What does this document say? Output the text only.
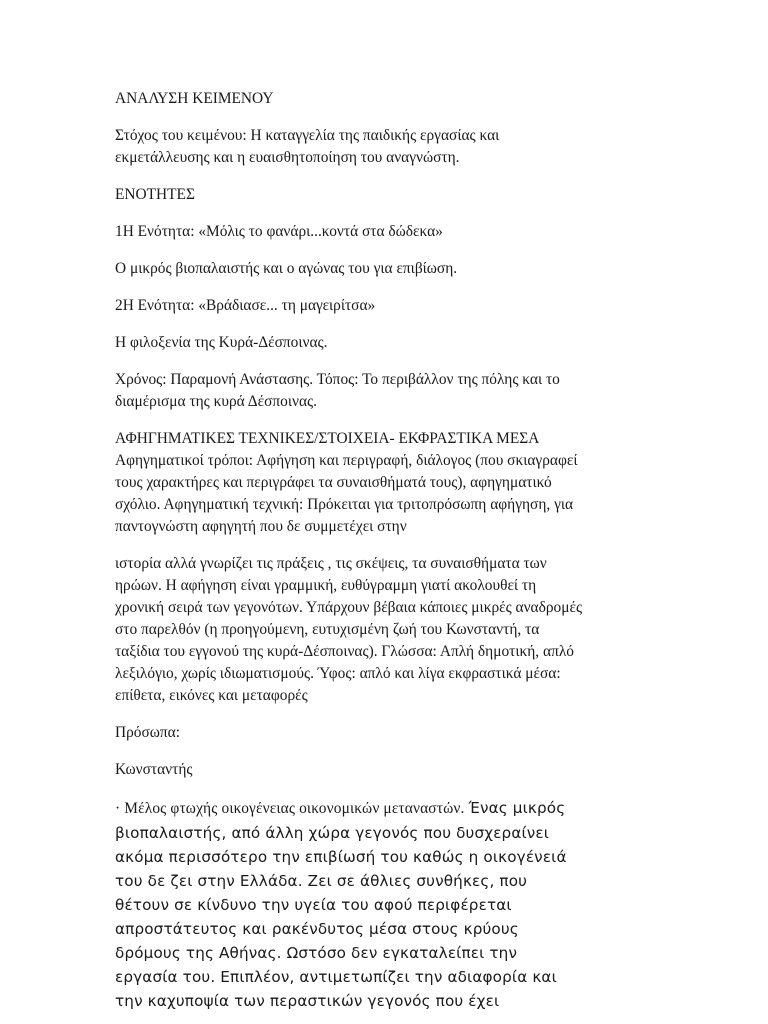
ΑΝΑΛΥΣΗ ΚΕΙΜΕΝΟΥ
Στόχος του κειμένου: Η καταγγελία της παιδικής εργασίας και
εκμετάλλευσης και η ευαισθητοποίηση του αναγνώστη.
ΕΝΟΤΗΤΕΣ
1Η Ενότητα: «Μόλις το φανάρι...κοντά στα δώδεκα»
Ο μικρός βιοπαλαιστής και ο αγώνας του για επιβίωση.
2Η Ενότητα: «Βράδιασε... τη μαγειρίτσα»
Η φιλοξενία της Κυρά-Δέσποινας.
Χρόνος: Παραμονή Ανάστασης. Τόπος: Το περιβάλλον της πόλης και το
διαμέρισμα της κυρά Δέσποινας.
ΑΦΗΓΗΜΑΤΙΚΕΣ ΤΕΧΝΙΚΕΣ/ΣΤΟΙΧΕΙΑ- ΕΚΦΡΑΣΤΙΚΑ ΜΕΣΑ
Αφηγηματικοί τρόποι: Αφήγηση και περιγραφή, διάλογος (που σκιαγραφεί
τους χαρακτήρες και περιγράφει τα συναισθήματά τους), αφηγηματικό
σχόλιο. Αφηγηματική τεχνική: Πρόκειται για τριτοπρόσωπη αφήγηση, για
παντογνώστη αφηγητή που δε συμμετέχει στην
ιστορία αλλά γνωρίζει τις πράξεις , τις σκέψεις, τα συναισθήματα των
ηρώων. Η αφήγηση είναι γραμμική, ευθύγραμμη γιατί ακολουθεί τη
χρονική σειρά των γεγονότων. Υπάρχουν βέβαια κάποιες μικρές αναδρομές
στο παρελθόν (η προηγούμενη, ευτυχισμένη ζωή του Κωνσταντή, τα
ταξίδια του εγγονού της κυρά-Δέσποινας). Γλώσσα: Απλή δημοτική, απλό
λεξιλόγιο, χωρίς ιδιωματισμούς. Ύφος: απλό και λίγα εκφραστικά μέσα:
επίθετα, εικόνες και μεταφορές
Πρόσωπα:
Κωνσταντής
· Μέλος φτωχής οικογένειας οικονομικών μεταναστών. Ένας μικρός
βιοπαλαιστής, από άλλη χώρα γεγονός που δυσχεραίνει
ακόμα περισσότερο την επιβίωσή του καθώς η οικογένειά
του δε ζει στην Ελλάδα. Ζει σε άθλιες συνθήκες, που
θέτουν σε κίνδυνο την υγεία του αφού περιφέρεται
απροστάτευτος και ρακένδυτος μέσα στους κρύους
δρόμους της Αθήνας. Ωστόσο δεν εγκαταλείπει την
εργασία του. Επιπλέον, αντιμετωπίζει την αδιαφορία και
την καχυποψία των περαστικών γεγονός που έχει
